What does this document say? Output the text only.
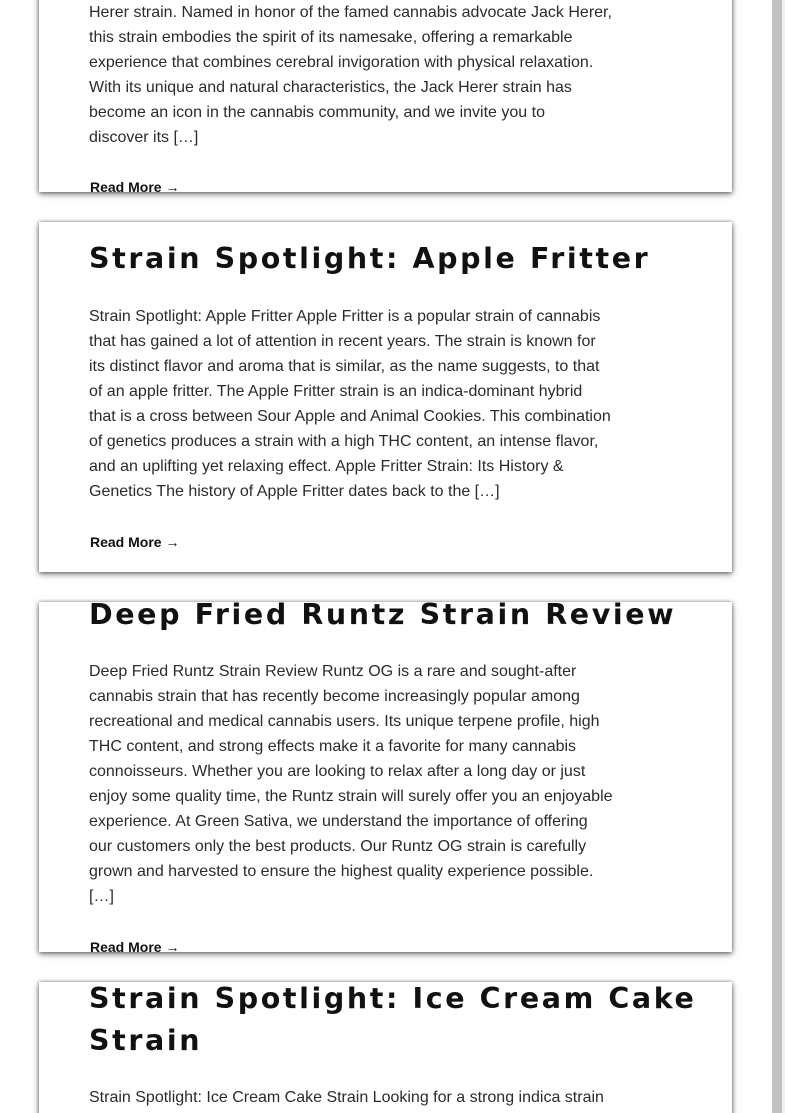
Herer strain. Named in honor of the famed cannabis advocate Jack Herer,
this strain embodies the spirit of its namesake, offering a remarkable
experience that combines cerebral invigoration with physical relaxation.
With its unique and natural characteristics, the Jack Herer strain has
become an icon in the cannabis community, and we invite you to
discover its […]

Read More →
Strain Spotlight: Apple Fritter

Strain Spotlight: Apple Fritter Apple Fritter is a popular strain of cannabis
that has gained a lot of attention in recent years. The strain is known for
its distinct flavor and aroma that is similar, as the name suggests, to that
of an apple fritter. The Apple Fritter strain is an indica-dominant hybrid
that is a cross between Sour Apple and Animal Cookies. This combination
of genetics produces a strain with a high THC content, an intense flavor,
and an uplifting yet relaxing effect. Apple Fritter Strain: Its History &
Genetics The history of Apple Fritter dates back to the […]

Read More →
Deep Fried Runtz Strain Review

Deep Fried Runtz Strain Review Runtz OG is a rare and sought-after
cannabis strain that has recently become increasingly popular among
recreational and medical cannabis users. Its unique terpene profile, high
THC content, and strong effects make it a favorite for many cannabis
connoisseurs. Whether you are looking to relax after a long day or just
enjoy some quality time, the Runtz strain will surely offer you an enjoyable
experience. At Green Sativa, we understand the importance of offering
our customers only the best products. Our Runtz OG strain is carefully
grown and harvested to ensure the highest quality experience possible.
[…]

Read More →
Strain Spotlight: Ice Cream Cake
Strain

Strain Spotlight: Ice Cream Cake Strain Looking for a strong indica strain
